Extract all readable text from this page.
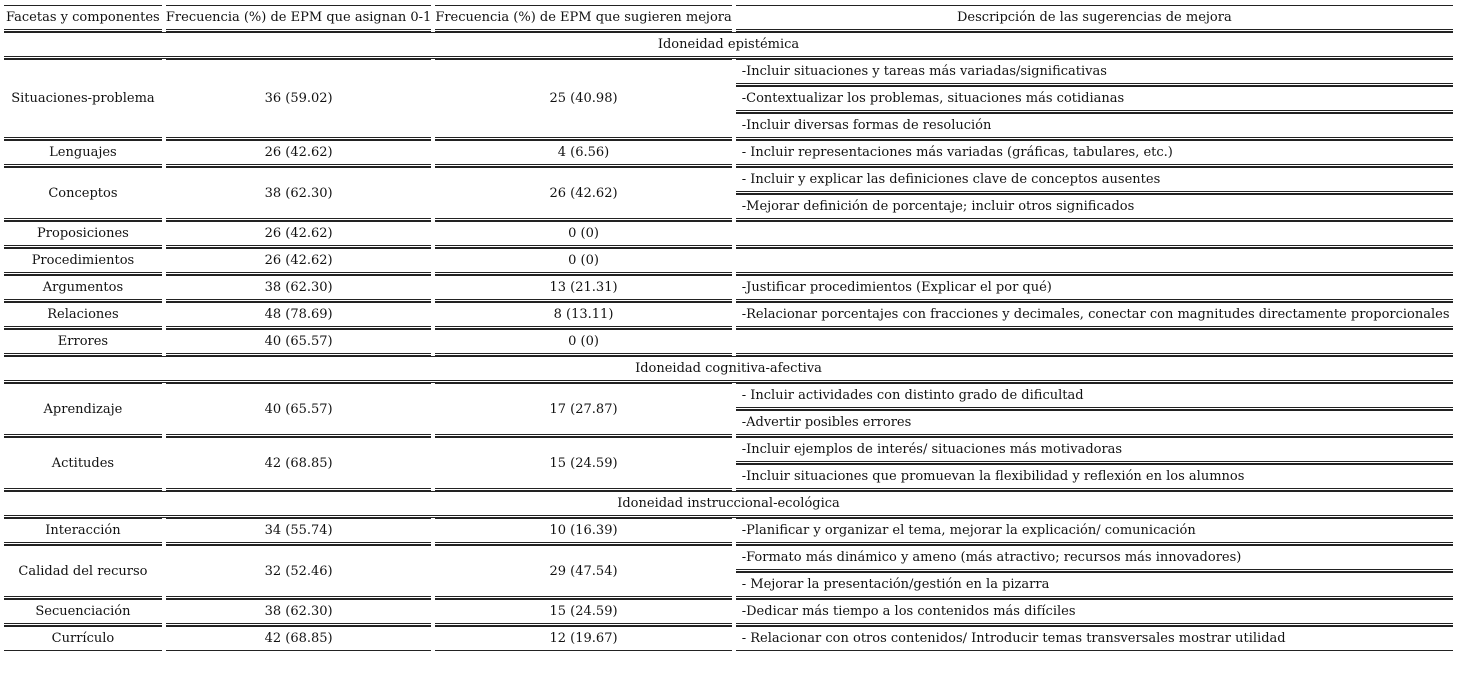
Facetas y componentes	Frecuencia (%) de EPM que asignan 0-1	Frecuencia (%) de EPM que sugieren mejora	Descripción de las sugerencias de mejora
Idoneidad epistémica			
Situaciones-problema	36 (59.02)	25 (40.98)	-Incluir situaciones y tareas más variadas/significativas
			-Contextualizar los problemas, situaciones más cotidianas
			-Incluir diversas formas de resolución
Lenguajes	26 (42.62)	4 (6.56)	- Incluir representaciones más variadas (gráficas, tabulares, etc.)
Conceptos	38 (62.30)	26 (42.62)	- Incluir y explicar las definiciones clave de conceptos ausentes
			-Mejorar definición de porcentaje; incluir otros significados
Proposiciones	26 (42.62)	0 (0)	
Procedimientos	26 (42.62)	0 (0)	
Argumentos	38 (62.30)	13 (21.31)	-Justificar procedimientos (Explicar el por qué)
Relaciones	48 (78.69)	8 (13.11)	-Relacionar porcentajes con fracciones y decimales, conectar con magnitudes directamente proporcionales
Errores	40 (65.57)	0 (0)	
Idoneidad cognitiva-afectiva			
Aprendizaje	40 (65.57)	17 (27.87)	- Incluir actividades con distinto grado de dificultad
			-Advertir posibles errores
Actitudes	42 (68.85)	15 (24.59)	-Incluir ejemplos de interés/ situaciones más motivadoras
			-Incluir situaciones que promuevan la flexibilidad y reflexión en los alumnos
Idoneidad instruccional-ecológica			
Interacción	34 (55.74)	10 (16.39)	-Planificar y organizar el tema, mejorar la explicación/ comunicación
Calidad del recurso	32 (52.46)	29 (47.54)	-Formato más dinámico y ameno (más atractivo; recursos más innovadores)
			- Mejorar la presentación/gestión en la pizarra
Secuenciación	38 (62.30)	15 (24.59)	-Dedicar más tiempo a los contenidos más difíciles
Currículo	42 (68.85)	12 (19.67)	- Relacionar con otros contenidos/ Introducir temas transversales mostrar utilidad
